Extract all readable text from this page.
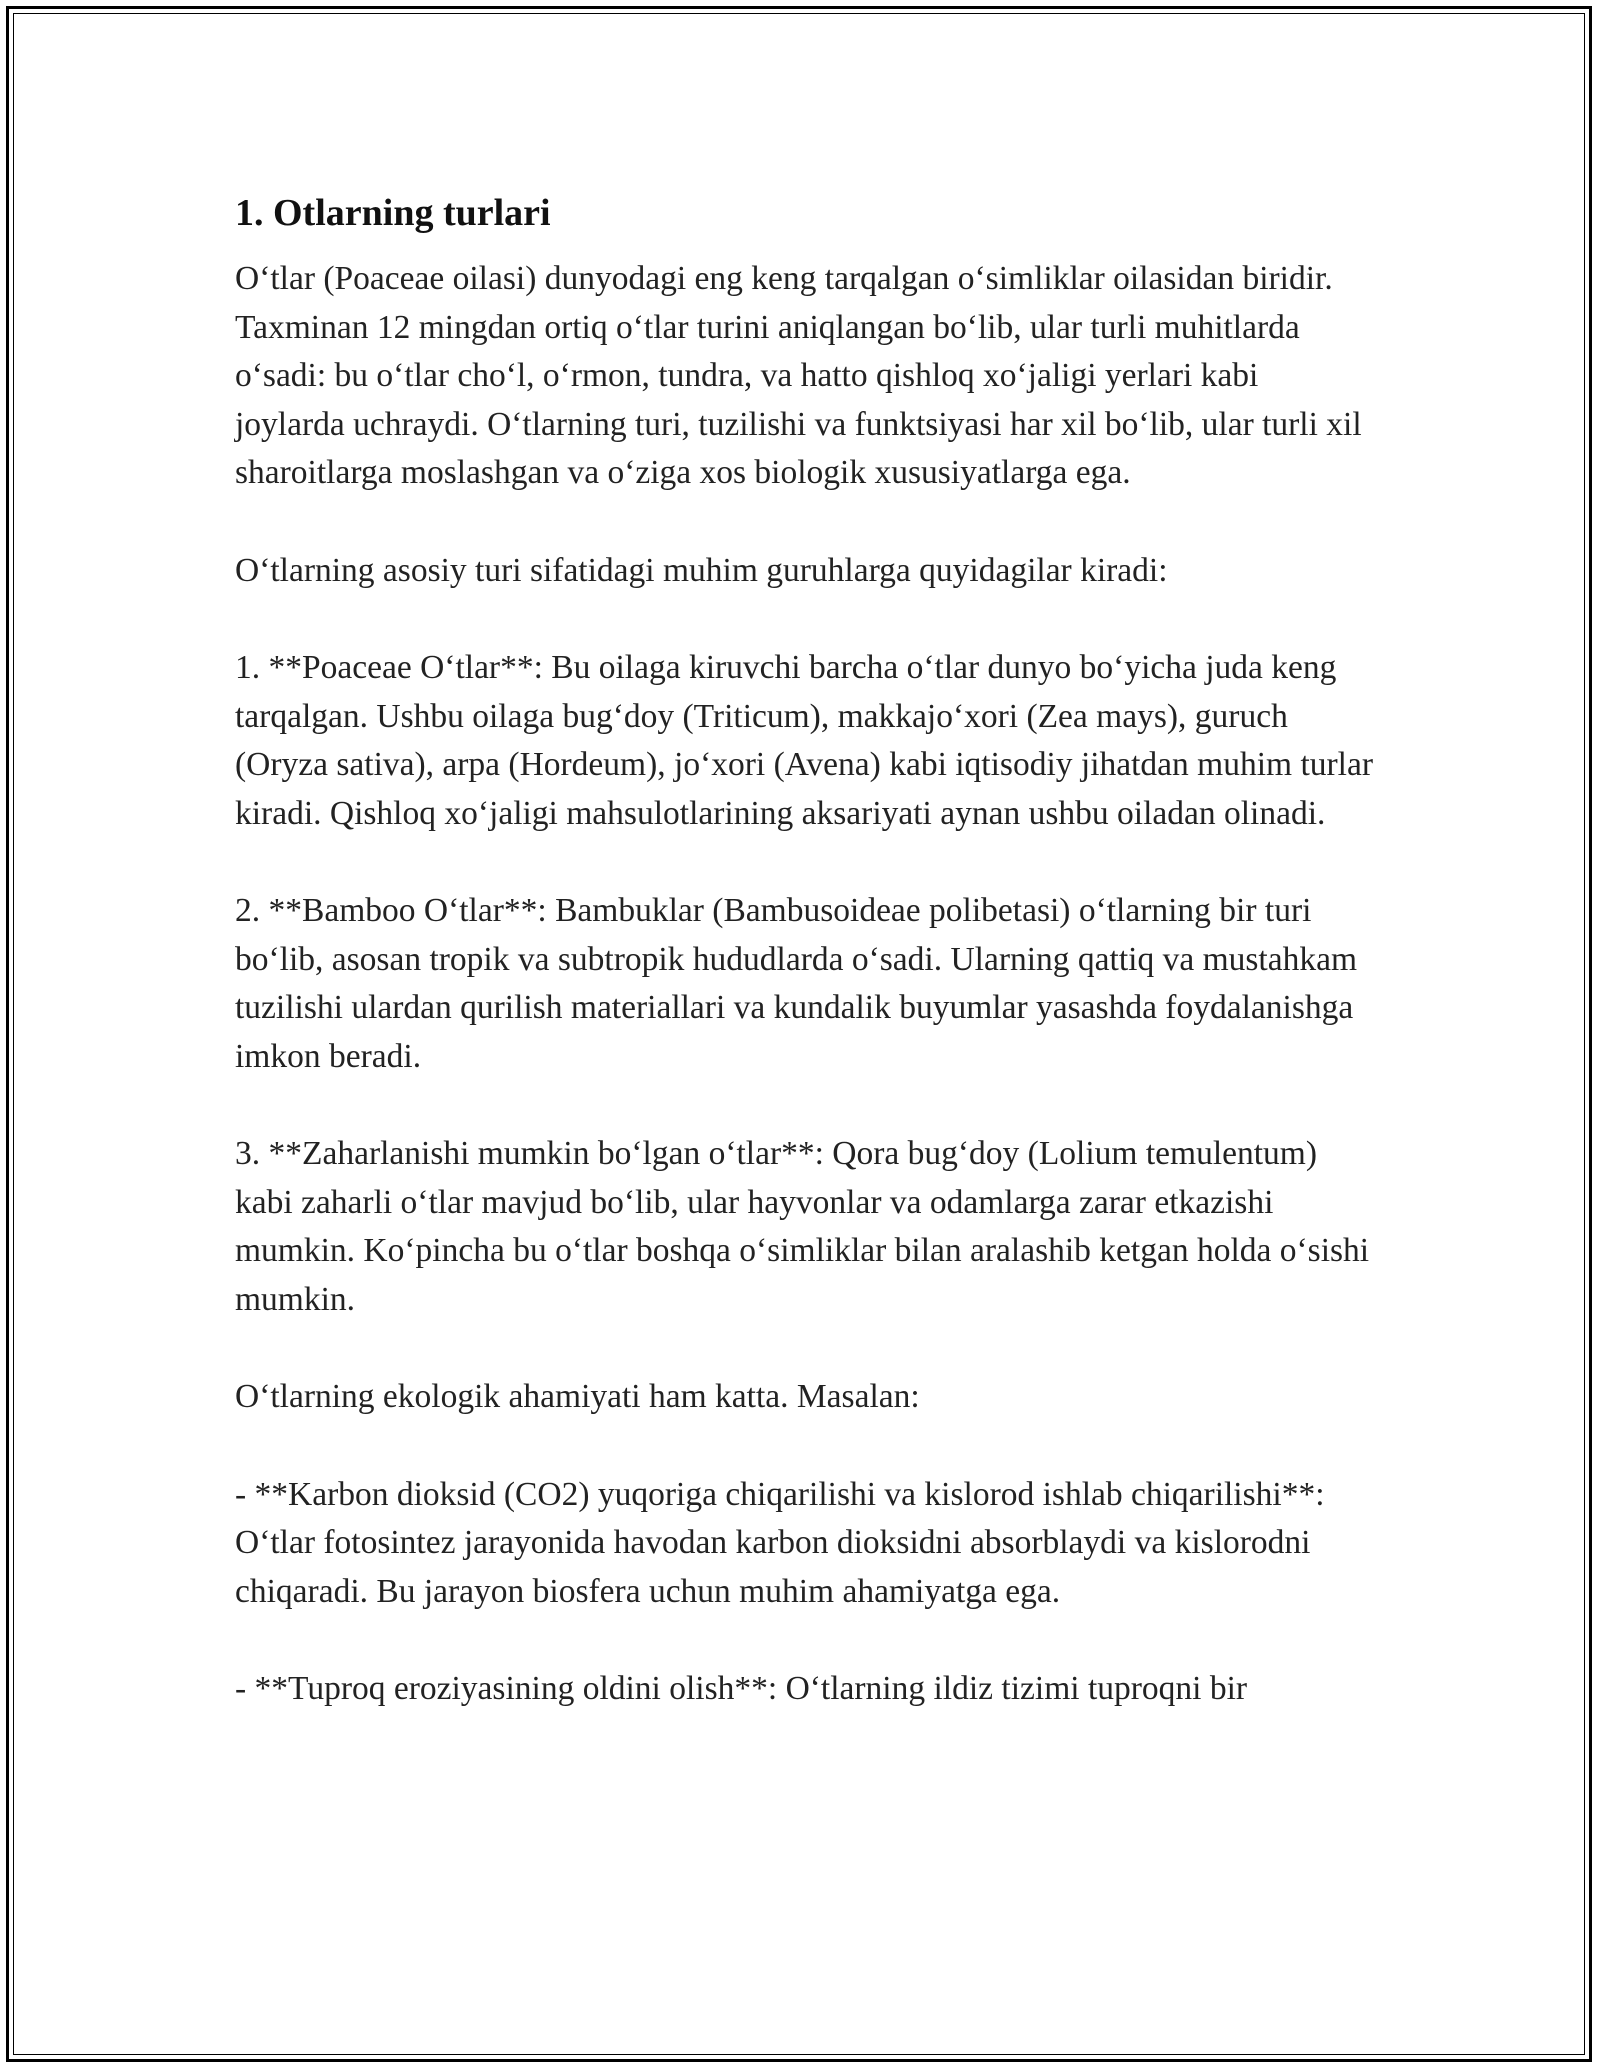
1. Otlarning turlari

O‘tlar (Poaceae oilasi) dunyodagi eng keng tarqalgan o‘simliklar oilasidan biridir. Taxminan 12 mingdan ortiq o‘tlar turini aniqlangan bo‘lib, ular turli muhitlarda o‘sadi: bu o‘tlar cho‘l, o‘rmon, tundra, va hatto qishloq xo‘jaligi yerlari kabi joylarda uchraydi. O‘tlarning turi, tuzilishi va funktsiyasi har xil bo‘lib, ular turli xil sharoitlarga moslashgan va o‘ziga xos biologik xususiyatlarga ega.

O‘tlarning asosiy turi sifatidagi muhim guruhlarga quyidagilar kiradi:

1. **Poaceae O‘tlar**: Bu oilaga kiruvchi barcha o‘tlar dunyo bo‘yicha juda keng tarqalgan. Ushbu oilaga bug‘doy (Triticum), makkajo‘xori (Zea mays), guruch (Oryza sativa), arpa (Hordeum), jo‘xori (Avena) kabi iqtisodiy jihatdan muhim turlar kiradi. Qishloq xo‘jaligi mahsulotlarining aksariyati aynan ushbu oiladan olinadi.

2. **Bamboo O‘tlar**: Bambuklar (Bambusoideae polibetasi) o‘tlarning bir turi bo‘lib, asosan tropik va subtropik hududlarda o‘sadi. Ularning qattiq va mustahkam tuzilishi ulardan qurilish materiallari va kundalik buyumlar yasashda foydalanishga imkon beradi.

3. **Zaharlanishi mumkin bo‘lgan o‘tlar**: Qora bug‘doy (Lolium temulentum) kabi zaharli o‘tlar mavjud bo‘lib, ular hayvonlar va odamlarga zarar etkazishi mumkin. Ko‘pincha bu o‘tlar boshqa o‘simliklar bilan aralashib ketgan holda o‘sishi mumkin.

O‘tlarning ekologik ahamiyati ham katta. Masalan:

- **Karbon dioksid (CO2) yuqoriga chiqarilishi va kislorod ishlab chiqarilishi**: O‘tlar fotosintez jarayonida havodan karbon dioksidni absorblaydi va kislorodni chiqaradi. Bu jarayon biosfera uchun muhim ahamiyatga ega.

- **Tuproq eroziyasining oldini olish**: O‘tlarning ildiz tizimi tuproqni bir
